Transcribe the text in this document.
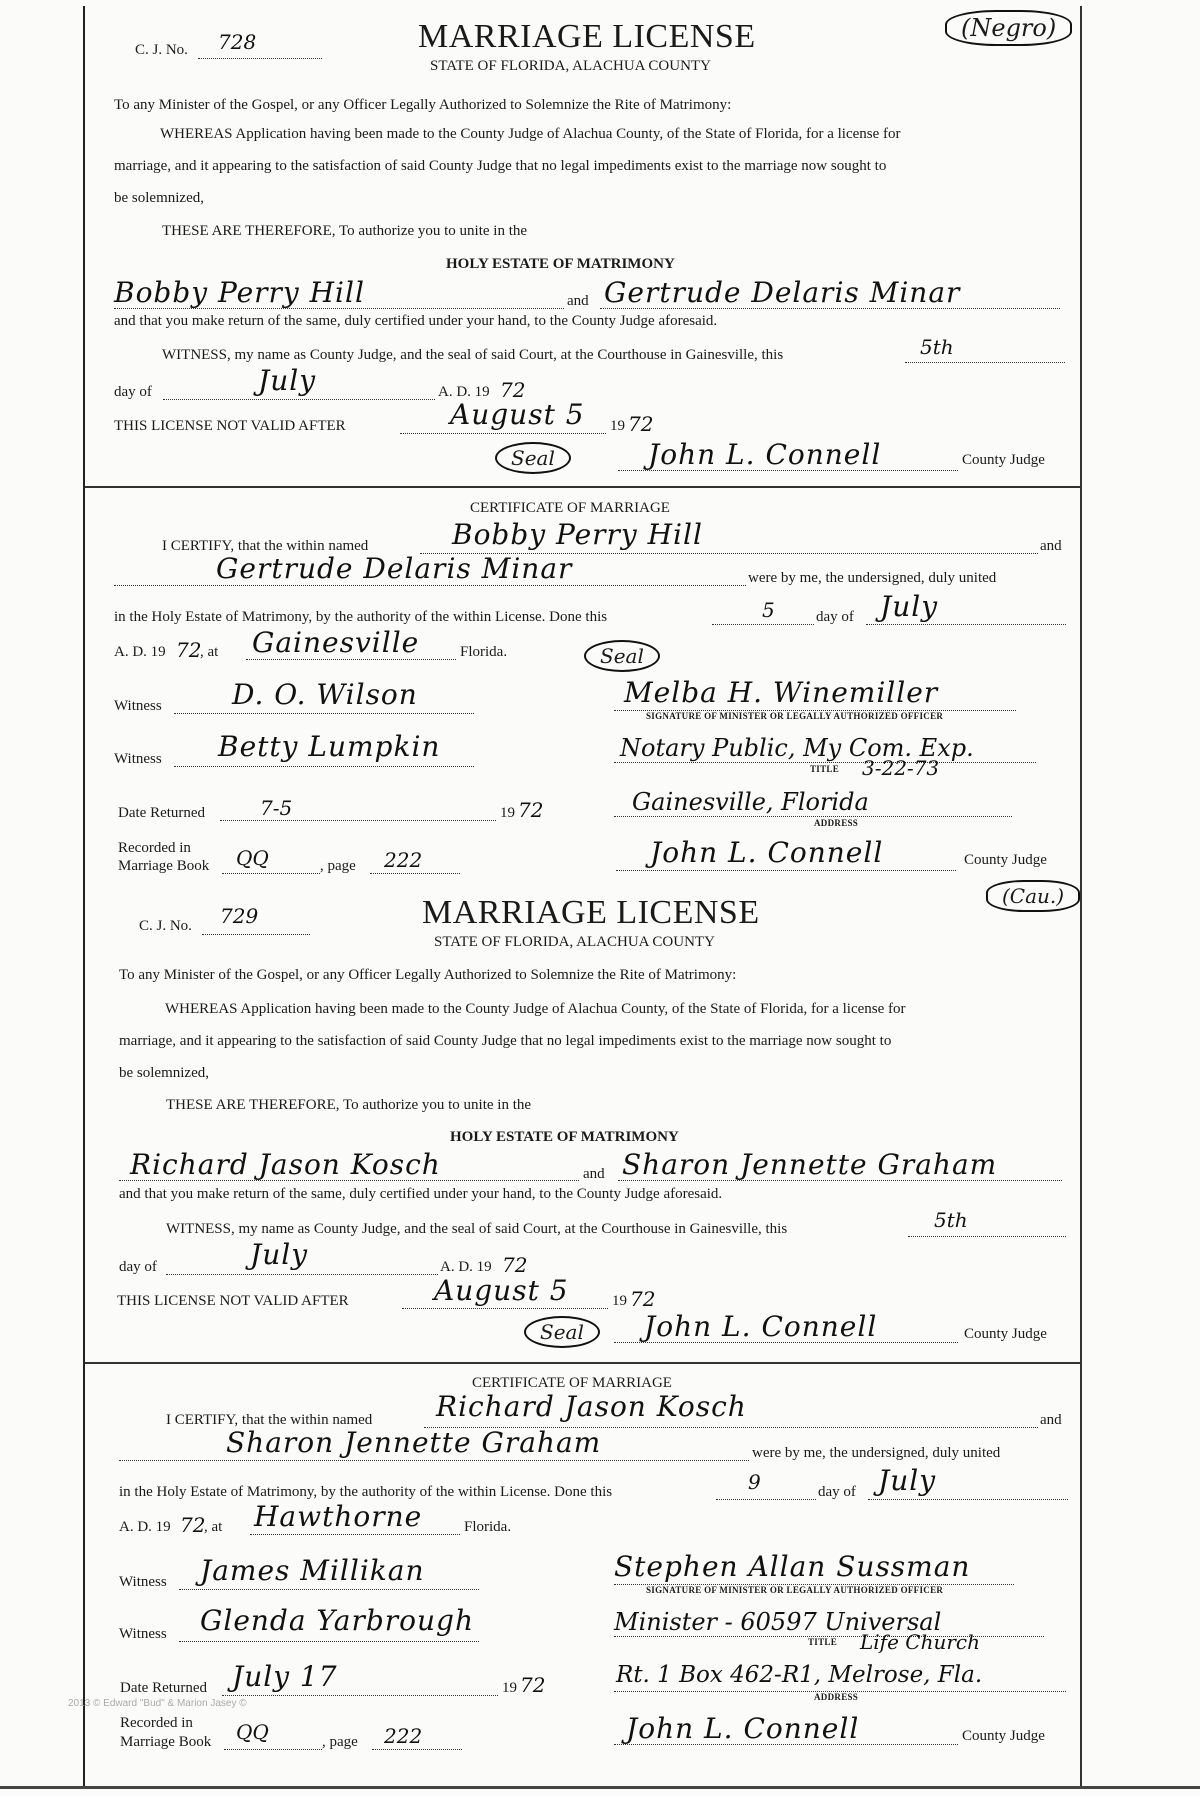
C. J. No. 728	MARRIAGE LICENSE	(Negro)
STATE OF FLORIDA, ALACHUA COUNTY
To any Minister of the Gospel, or any Officer Legally Authorized to Solemnize the Rite of Matrimony:
WHEREAS Application having been made to the County Judge of Alachua County, of the State of Florida, for a license for
marriage, and it appearing to the satisfaction of said County Judge that no legal impediments exist to the marriage now sought to
be solemnized,
THESE ARE THEREFORE, To authorize you to unite in the
HOLY ESTATE OF MATRIMONY
Bobby Perry Hill	and Gertrude Delaris Minar
and that you make return of the same, duly certified under your hand, to the County Judge aforesaid.
WITNESS, my name as County Judge, and the seal of said Court, at the Courthouse in Gainesville, this	5th
day of	July	A. D. 19 72
THIS LICENSE NOT VALID AFTER	August 5 19 72
Seal	John L. Connell	County Judge
CERTIFICATE OF MARRIAGE
I CERTIFY, that the within named	Bobby Perry Hill	and
Gertrude Delaris Minar	were by me, the undersigned, duly united
in the Holy Estate of Matrimony, by the authority of the within License. Done this	5	day of July
A. D. 19 72
, at Gainesville	Florida.	Seal
Witness	D. O. Wilson	Melba H. Winemiller
SIGNATURE OF MINISTER OR LEGALLY AUTHORIZED OFFICER
Witness Betty Lumpkin	Notary Public, My Com. Exp.
TITLE 3-22-73
Date Returned	7-5	19 72	Gainesville, Florida
ADDRESS
Recorded in
Marriage Book QQ	, page 222	John L. Connell	County Judge
C. J. No. 729	MARRIAGE LICENSE	(Cau.)
STATE OF FLORIDA, ALACHUA COUNTY
To any Minister of the Gospel, or any Officer Legally Authorized to Solemnize the Rite of Matrimony:
WHEREAS Application having been made to the County Judge of Alachua County, of the State of Florida, for a license for
marriage, and it appearing to the satisfaction of said County Judge that no legal impediments exist to the marriage now sought to
be solemnized,
THESE ARE THEREFORE, To authorize you to unite in the
HOLY ESTATE OF MATRIMONY
Richard Jason Kosch	and Sharon Jennette Graham
and that you make return of the same, duly certified under your hand, to the County Judge aforesaid.
WITNESS, my name as County Judge, and the seal of said Court, at the Courthouse in Gainesville, this	5th
day of	July	A. D. 19 72
THIS LICENSE NOT VALID AFTER	August 5	19 72
Seal	John L. Connell	County Judge
CERTIFICATE OF MARRIAGE
I CERTIFY, that the within named Richard Jason Kosch	and
Sharon Jennette Graham	were by me, the undersigned, duly united
in the Holy Estate of Matrimony, by the authority of the within License. Done this	9	day of July
A. D. 19 72
, at Hawthorne	Florida.
Witness James Millikan	Stephen Allan Sussman
SIGNATURE OF MINISTER OR LEGALLY AUTHORIZED OFFICER
Witness Glenda Yarbrough	Minister - 60597 Universal
TITLE Life Church
Date Returned July 17	19 72	Rt. 1 Box 462-R1, Melrose, Fla.
ADDRESS
Recorded in
Marriage Book QQ	, page 222	John L. Connell	County Judge
2013 © Edward "Bud" & Marion Jasey ©
